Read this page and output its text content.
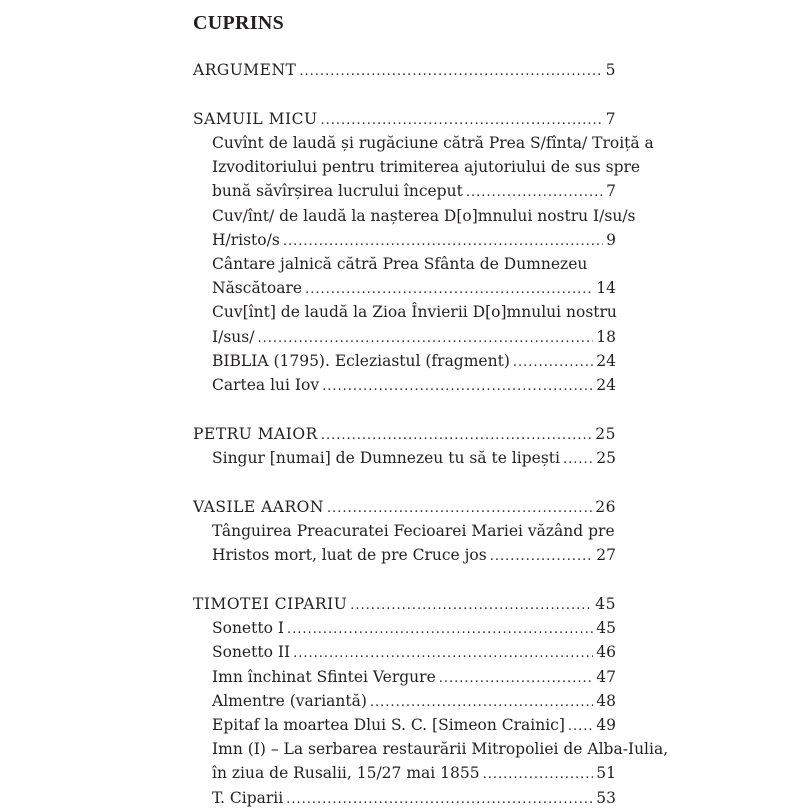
CUPRINS
ARGUMENT .....	5
SAMUIL MICU .....	7
Cuvînt de laudă și rugăciune cătră Prea S/fînta/ Troiță a
Izvoditoriului pentru trimiterea ajutoriului de sus spre
bună săvîrșirea lucrului început .....	7
Cuv/înt/ de laudă la nașterea D[o]mnului nostru I/su/s
H/risto/s .....	9
Cântare jalnică cătră Prea Sfânta de Dumnezeu
Născătoare .....	14
Cuv[înt] de laudă la Zioa Învierii D[o]mnului nostru
I/sus/ .....	18
BIBLIA (1795). Ecleziastul (fragment) .....	24
Cartea lui Iov .....	24
PETRU MAIOR .....	25
Singur [numai] de Dumnezeu tu să te lipești ..... 25
VASILE AARON .....	26
Tânguirea Preacuratei Fecioarei Mariei văzând pre
Hristos mort, luat de pre Cruce jos .....	27
TIMOTEI CIPARIU .....	45
Sonetto I .....	45
Sonetto II .....	46
Imn închinat Sfintei Vergure .....	47
Almentre (variantă) .....	48
Epitaf la moartea Dlui S. C. [Simeon Crainic] ..... 49
Imn (I) – La serbarea restaurării Mitropoliei de Alba-Iulia,
în ziua de Rusalii, 15/27 mai 1855 .....	51
T. Ciparii .....	53
